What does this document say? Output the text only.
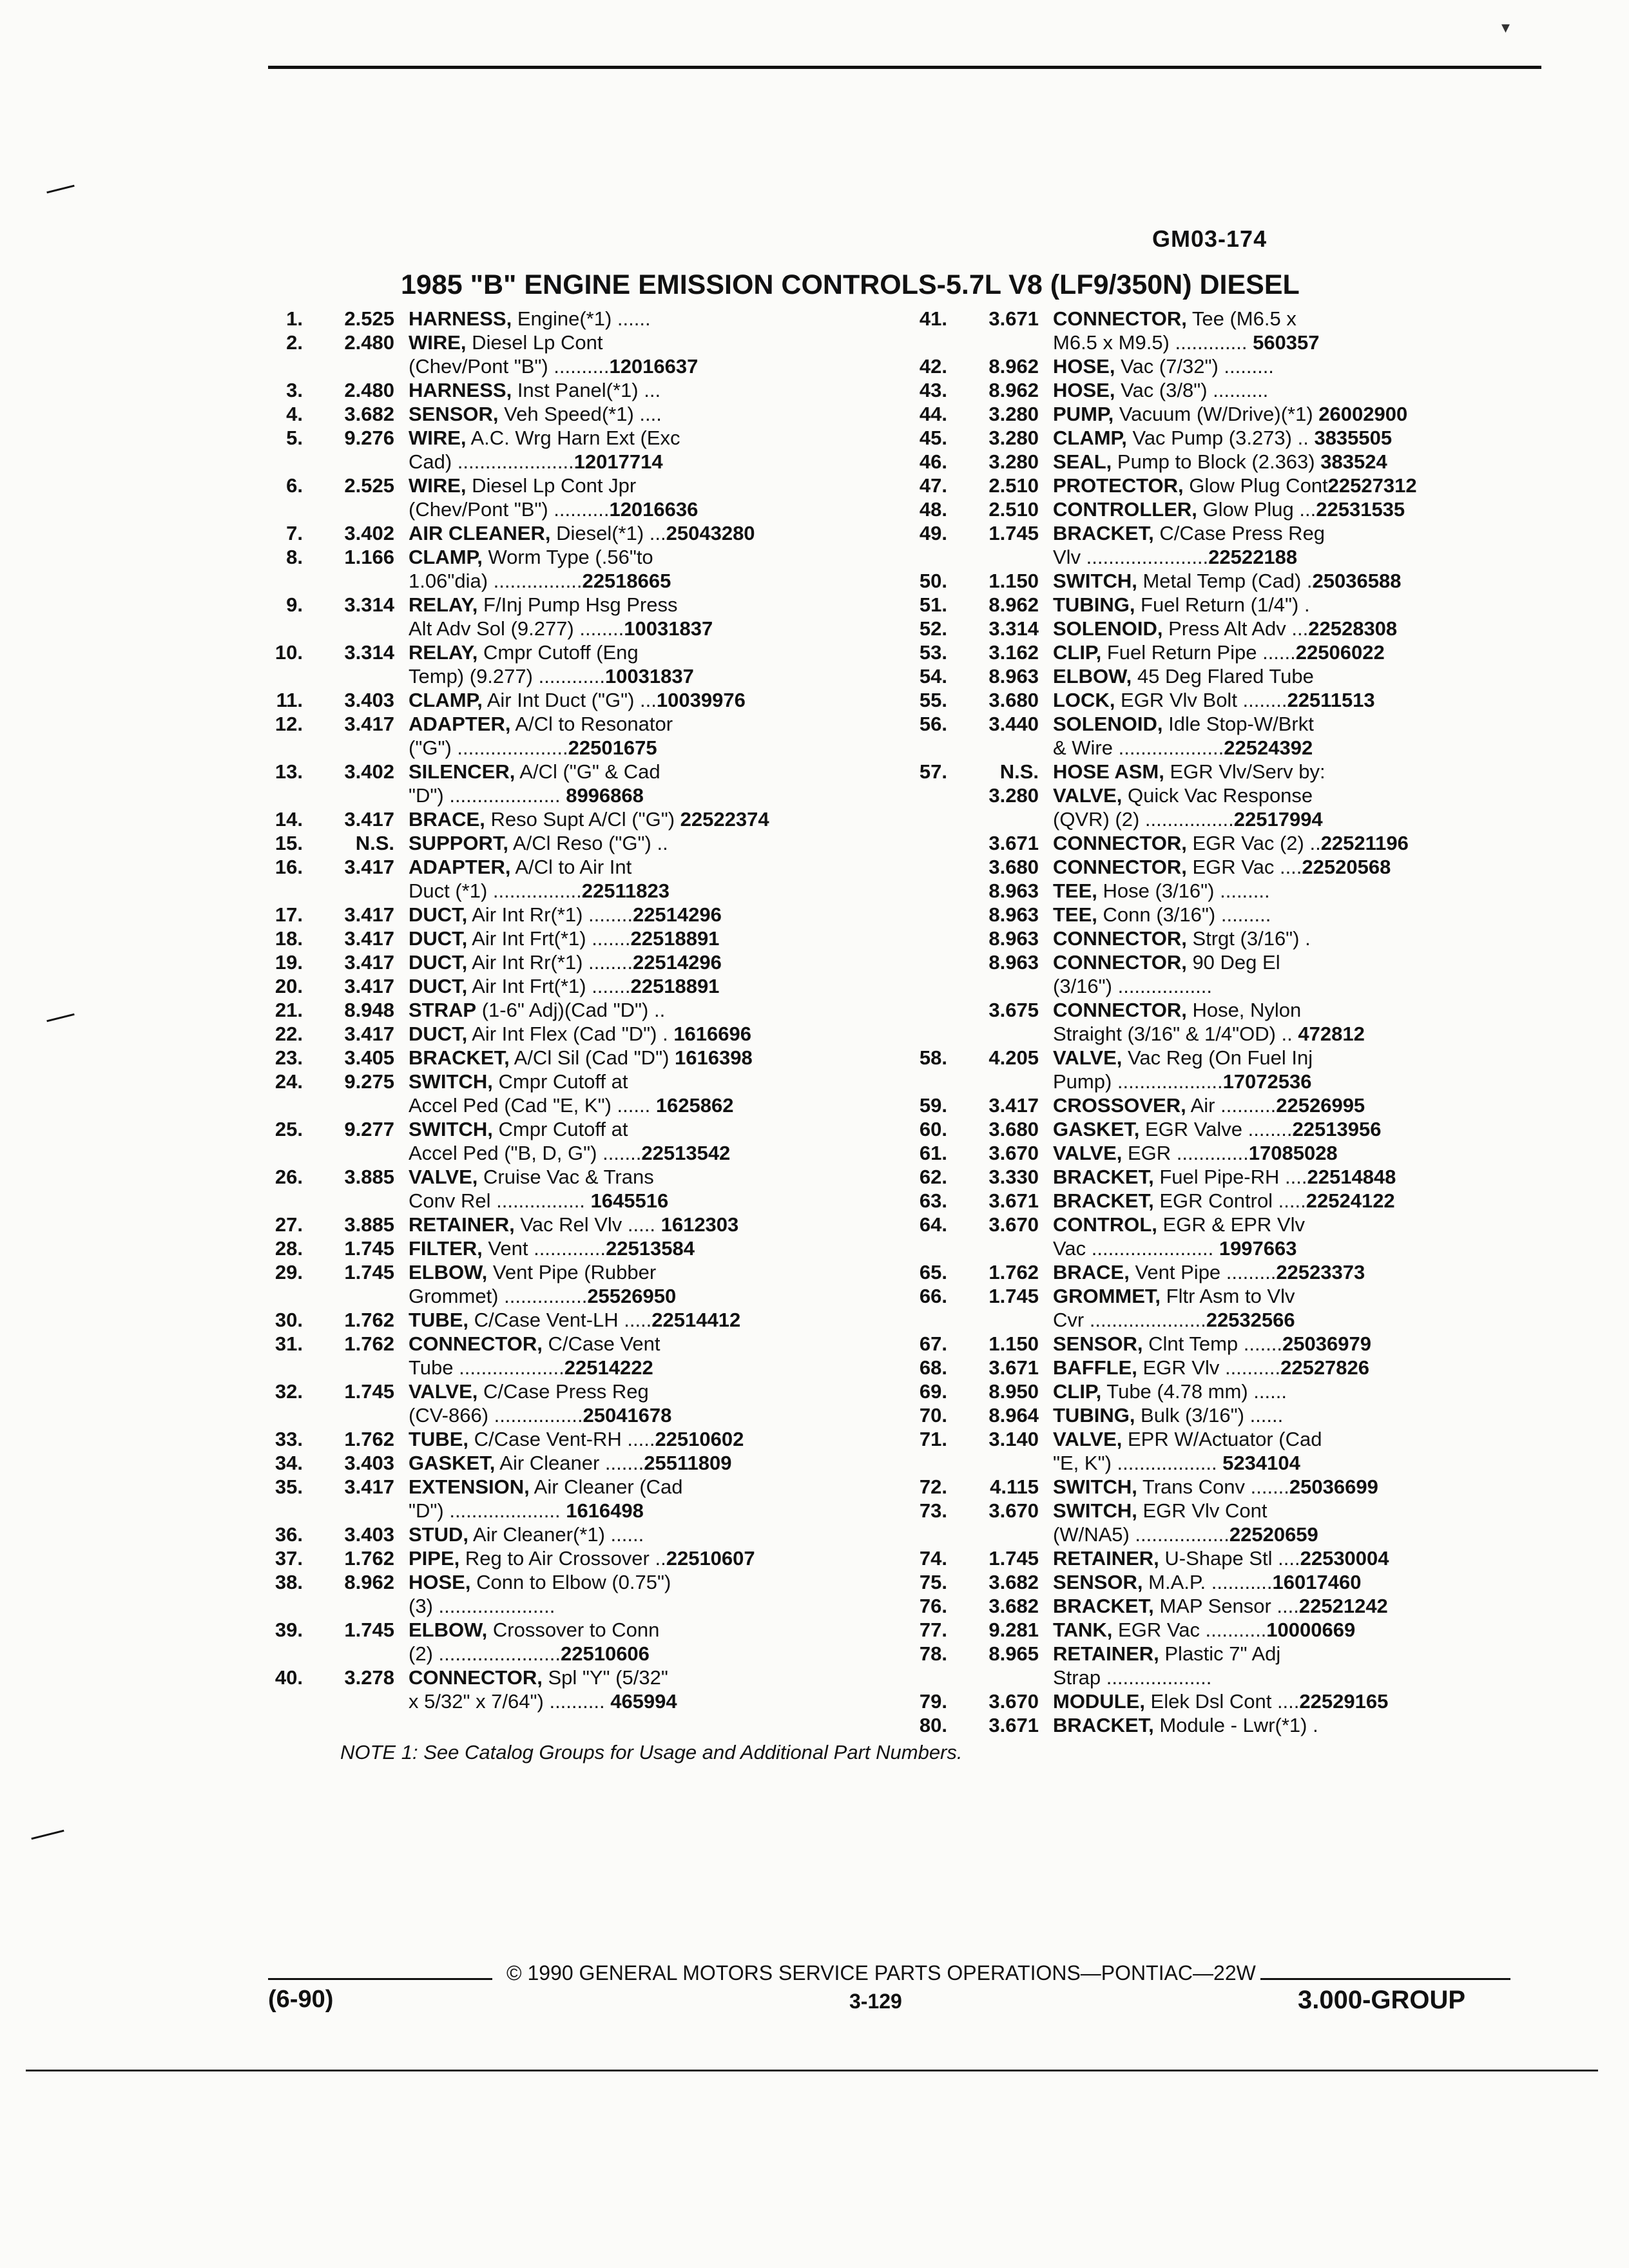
▾
GM03-174
1985 "B" ENGINE EMISSION CONTROLS-5.7L V8 (LF9/350N) DIESEL
1.	2.525 HARNESS, Engine(*1) ......
2.	2.480 WIRE, Diesel Lp Cont
(Chev/Pont "B") ..........12016637
3.	2.480 HARNESS, Inst Panel(*1) ...
4.	3.682 SENSOR, Veh Speed(*1) ....
5.	9.276 WIRE, A.C. Wrg Harn Ext (Exc
Cad) .....................12017714
6.	2.525 WIRE, Diesel Lp Cont Jpr
(Chev/Pont "B") ..........12016636
7.	3.402 AIR CLEANER, Diesel(*1) ...25043280
8.	1.166 CLAMP, Worm Type (.56"to
1.06"dia) ................22518665
9.	3.314 RELAY, F/Inj Pump Hsg Press
Alt Adv Sol (9.277) ........10031837
10.	3.314 RELAY, Cmpr Cutoff (Eng
Temp) (9.277) ............10031837
11.	3.403 CLAMP, Air Int Duct ("G") ...10039976
12.	3.417 ADAPTER, A/Cl to Resonator
("G") ....................22501675
13.	3.402 SILENCER, A/Cl ("G" & Cad
"D") .................... 8996868
14.	3.417 BRACE, Reso Supt A/Cl ("G") 22522374
15.	N.S. SUPPORT, A/Cl Reso ("G") ..
16.	3.417 ADAPTER, A/Cl to Air Int
Duct (*1) ................22511823
17.	3.417 DUCT, Air Int Rr(*1) ........22514296
18.	3.417 DUCT, Air Int Frt(*1) .......22518891
19.	3.417 DUCT, Air Int Rr(*1) ........22514296
20.	3.417 DUCT, Air Int Frt(*1) .......22518891
21.	8.948 STRAP (1-6" Adj)(Cad "D") ..
22.	3.417 DUCT, Air Int Flex (Cad "D") . 1616696
23.	3.405 BRACKET, A/Cl Sil (Cad "D") 1616398
24.	9.275 SWITCH, Cmpr Cutoff at
Accel Ped (Cad "E, K") ...... 1625862
25.	9.277 SWITCH, Cmpr Cutoff at
Accel Ped ("B, D, G") .......22513542
26.	3.885 VALVE, Cruise Vac & Trans
Conv Rel ................ 1645516
27.	3.885 RETAINER, Vac Rel Vlv ..... 1612303
28.	1.745 FILTER, Vent .............22513584
29.	1.745 ELBOW, Vent Pipe (Rubber
Grommet) ...............25526950
30.	1.762 TUBE, C/Case Vent-LH .....22514412
31.	1.762 CONNECTOR, C/Case Vent
Tube ...................22514222
32.	1.745 VALVE, C/Case Press Reg
(CV-866) ................25041678
33.	1.762 TUBE, C/Case Vent-RH .....22510602
34.	3.403 GASKET, Air Cleaner .......25511809
35.	3.417 EXTENSION, Air Cleaner (Cad
"D") .................... 1616498
36.	3.403 STUD, Air Cleaner(*1) ......
37.	1.762 PIPE, Reg to Air Crossover ..22510607
38.	8.962 HOSE, Conn to Elbow (0.75")
(3) .....................
39.	1.745 ELBOW, Crossover to Conn
(2) ......................22510606
40.	3.278 CONNECTOR, Spl "Y" (5/32"
x 5/32" x 7/64") .......... 465994
41.	3.671 CONNECTOR, Tee (M6.5 x
M6.5 x M9.5) ............. 560357
42.	8.962 HOSE, Vac (7/32") .........
43.	8.962 HOSE, Vac (3/8") ..........
44.	3.280 PUMP, Vacuum (W/Drive)(*1) 26002900
45.	3.280 CLAMP, Vac Pump (3.273) .. 3835505
46.	3.280 SEAL, Pump to Block (2.363) 383524
47.	2.510 PROTECTOR, Glow Plug Cont22527312
48.	2.510 CONTROLLER, Glow Plug ...22531535
49.	1.745 BRACKET, C/Case Press Reg
Vlv ......................22522188
50.	1.150 SWITCH, Metal Temp (Cad) .25036588
51.	8.962 TUBING, Fuel Return (1/4") .
52.	3.314 SOLENOID, Press Alt Adv ...22528308
53.	3.162 CLIP, Fuel Return Pipe ......22506022
54.	8.963 ELBOW, 45 Deg Flared Tube
55.	3.680 LOCK, EGR Vlv Bolt ........22511513
56.	3.440 SOLENOID, Idle Stop-W/Brkt
& Wire ...................22524392
57.	N.S. HOSE ASM, EGR Vlv/Serv by:
3.280 VALVE, Quick Vac Response
(QVR) (2) ................22517994
3.671 CONNECTOR, EGR Vac (2) ..22521196
3.680 CONNECTOR, EGR Vac ....22520568
8.963 TEE, Hose (3/16") .........
8.963 TEE, Conn (3/16") .........
8.963 CONNECTOR, Strgt (3/16") .
8.963 CONNECTOR, 90 Deg El
(3/16") .................
3.675 CONNECTOR, Hose, Nylon
Straight (3/16" & 1/4"OD) .. 472812
58.	4.205 VALVE, Vac Reg (On Fuel Inj
Pump) ...................17072536
59.	3.417 CROSSOVER, Air ..........22526995
60.	3.680 GASKET, EGR Valve ........22513956
61.	3.670 VALVE, EGR .............17085028
62.	3.330 BRACKET, Fuel Pipe-RH ....22514848
63.	3.671 BRACKET, EGR Control .....22524122
64.	3.670 CONTROL, EGR & EPR Vlv
Vac ...................... 1997663
65.	1.762 BRACE, Vent Pipe .........22523373
66.	1.745 GROMMET, Fltr Asm to Vlv
Cvr .....................22532566
67.	1.150 SENSOR, Clnt Temp .......25036979
68.	3.671 BAFFLE, EGR Vlv ..........22527826
69.	8.950 CLIP, Tube (4.78 mm) ......
70.	8.964 TUBING, Bulk (3/16") ......
71.	3.140 VALVE, EPR W/Actuator (Cad
"E, K") .................. 5234104
72.	4.115 SWITCH, Trans Conv .......25036699
73.	3.670 SWITCH, EGR Vlv Cont
(W/NA5) .................22520659
74.	1.745 RETAINER, U-Shape Stl ....22530004
75.	3.682 SENSOR, M.A.P. ...........16017460
76.	3.682 BRACKET, MAP Sensor ....22521242
77.	9.281 TANK, EGR Vac ...........10000669
78.	8.965 RETAINER, Plastic 7" Adj
Strap ...................
79.	3.670 MODULE, Elek Dsl Cont ....22529165
80.	3.671 BRACKET, Module - Lwr(*1) .
NOTE 1: See Catalog Groups for Usage and Additional Part Numbers.
© 1990 GENERAL MOTORS SERVICE PARTS OPERATIONS—PONTIAC—22W
(6-90)	3-129	3.000-GROUP
